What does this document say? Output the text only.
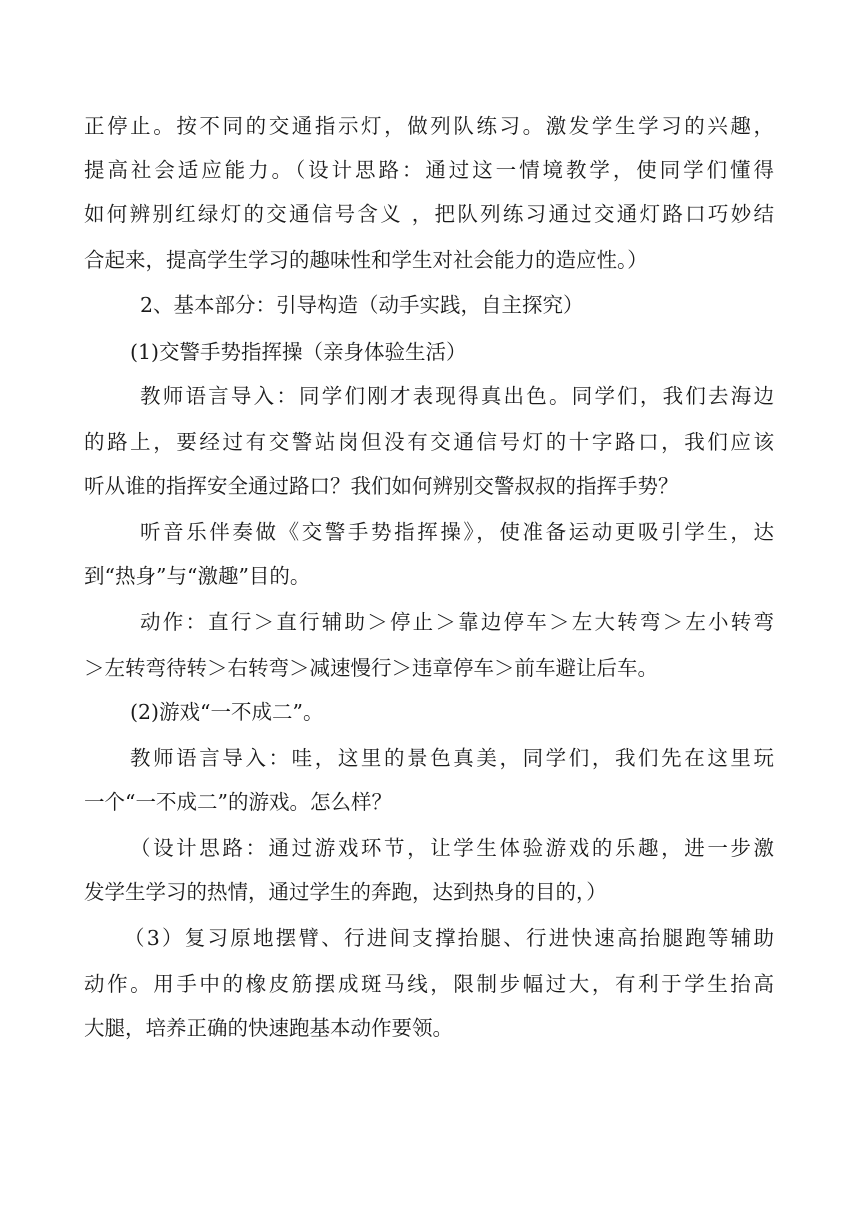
正停止。按不同的交通指示灯，做列队练习。激发学生学习的兴趣，

提高社会适应能力。（设计思路：通过这一情境教学，使同学们懂得

如何辨别红绿灯的交通信号含义 ，把队列练习通过交通灯路口巧妙结

合起来，提高学生学习的趣味性和学生对社会能力的造应性。）

2、基本部分：引导构造（动手实践，自主探究）

(1)交警手势指挥操（亲身体验生活）

教师语言导入：同学们刚才表现得真出色。同学们，我们去海边

的路上，要经过有交警站岗但没有交通信号灯的十字路口，我们应该

听从谁的指挥安全通过路口？我们如何辨别交警叔叔的指挥手势？

听音乐伴奏做《交警手势指挥操》，使准备运动更吸引学生，达

到“热身”与“激趣”目的。

动作：直行＞直行辅助＞停止＞靠边停车＞左大转弯＞左小转弯

＞左转弯待转＞右转弯＞减速慢行＞违章停车＞前车避让后车。

(2)游戏“一不成二”。

教师语言导入：哇，这里的景色真美，同学们，我们先在这里玩

一个“一不成二”的游戏。怎么样？

（设计思路：通过游戏环节，让学生体验游戏的乐趣，进一步激

发学生学习的热情，通过学生的奔跑，达到热身的目的，）

（3）复习原地摆臂、行进间支撑抬腿、行进快速高抬腿跑等辅助

动作。用手中的橡皮筋摆成斑马线，限制步幅过大，有利于学生抬高

大腿，培养正确的快速跑基本动作要领。
